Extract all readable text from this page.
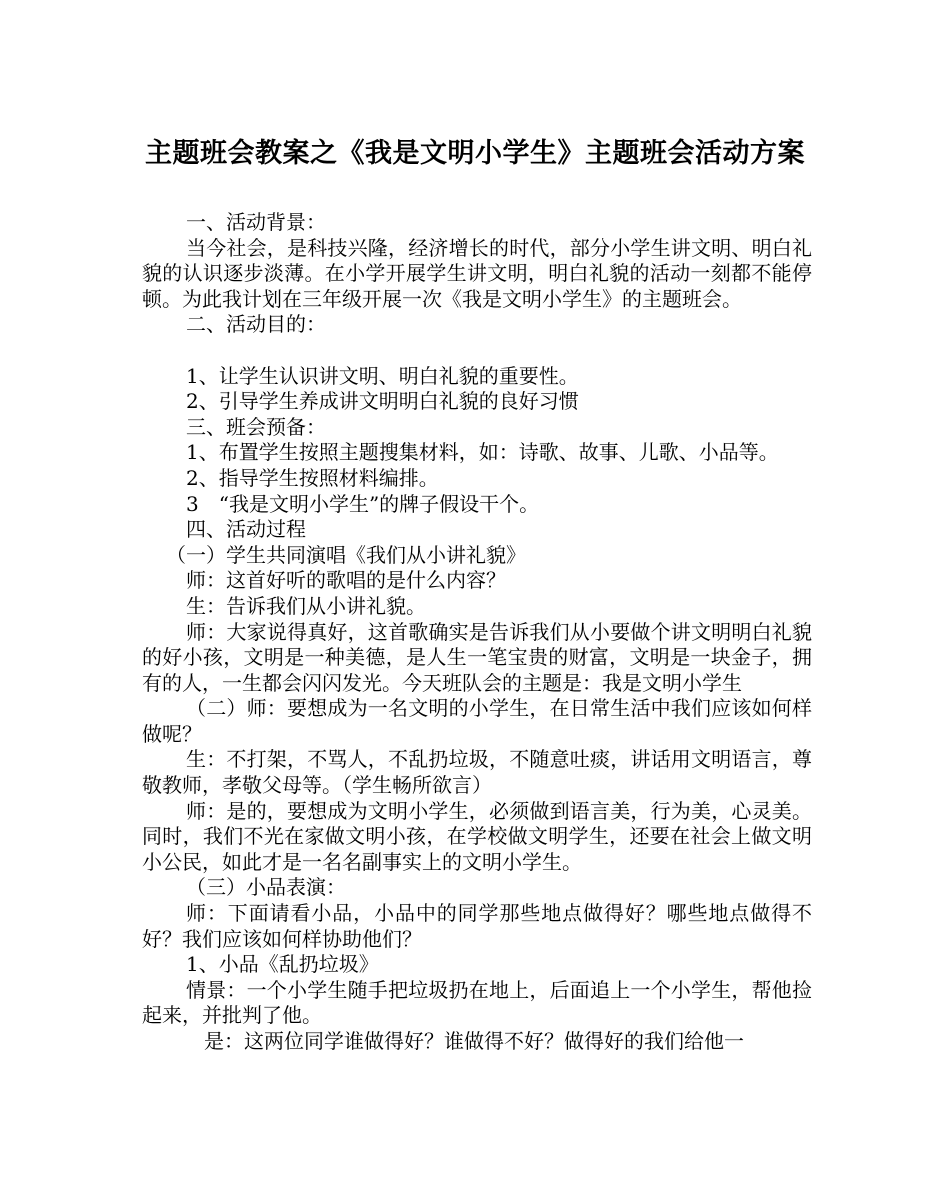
主题班会教案之《我是文明小学生》主题班会活动方案

一、活动背景：

当今社会，是科技兴隆，经济增长的时代，部分小学生讲文明、明白礼貌的认识逐步淡薄。在小学开展学生讲文明，明白礼貌的活动一刻都不能停顿。为此我计划在三年级开展一次《我是文明小学生》的主题班会。

二、活动目的：

1、让学生认识讲文明、明白礼貌的重要性。

2、引导学生养成讲文明明白礼貌的良好习惯

三、班会预备：

1、布置学生按照主题搜集材料，如：诗歌、故事、儿歌、小品等。

2、指导学生按照材料编排。

3　“我是文明小学生”的牌子假设干个。

四、活动过程

（一）学生共同演唱《我们从小讲礼貌》

师：这首好听的歌唱的是什么内容？

生：告诉我们从小讲礼貌。

师：大家说得真好，这首歌确实是告诉我们从小要做个讲文明明白礼貌的好小孩，文明是一种美德，是人生一笔宝贵的财富，文明是一块金子，拥有的人，一生都会闪闪发光。今天班队会的主题是：我是文明小学生

（二）师：要想成为一名文明的小学生，在日常生活中我们应该如何样做呢？

生：不打架，不骂人，不乱扔垃圾，不随意吐痰，讲话用文明语言，尊敬教师，孝敬父母等。（学生畅所欲言）

师：是的，要想成为文明小学生，必须做到语言美，行为美，心灵美。同时，我们不光在家做文明小孩，在学校做文明学生，还要在社会上做文明小公民，如此才是一名名副事实上的文明小学生。

（三）小品表演：

师：下面请看小品，小品中的同学那些地点做得好？哪些地点做得不好？我们应该如何样协助他们？

1、小品《乱扔垃圾》

情景：一个小学生随手把垃圾扔在地上，后面追上一个小学生，帮他捡起来，并批判了他。

是：这两位同学谁做得好？谁做得不好？做得好的我们给他一
